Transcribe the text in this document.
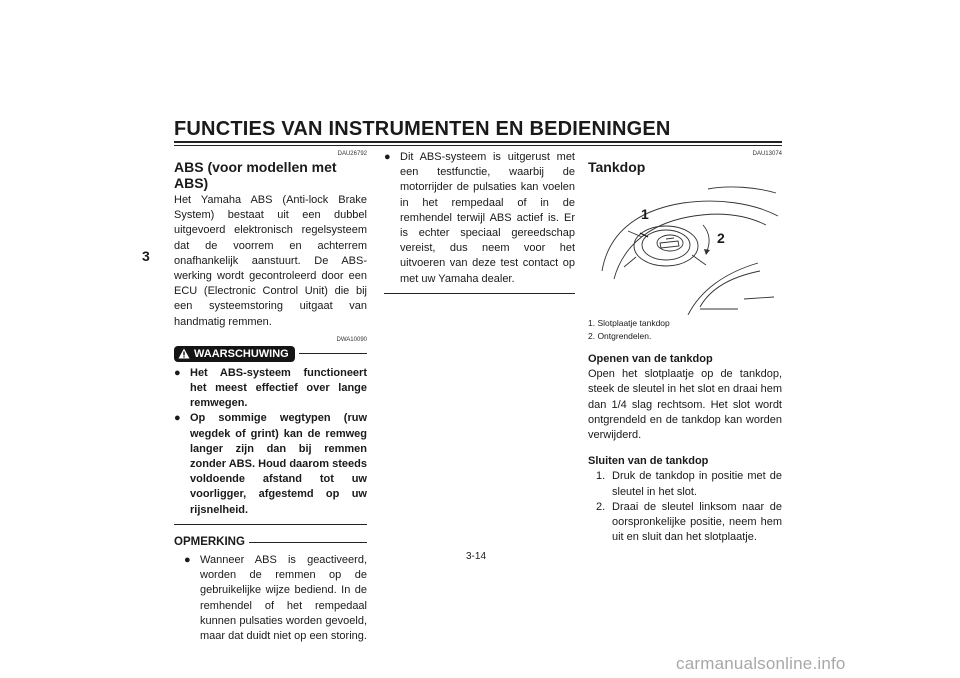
FUNCTIES VAN INSTRUMENTEN EN BEDIENINGEN
3
DAU26792
ABS (voor modellen met ABS)

Het Yamaha ABS (Anti-lock Brake System) bestaat uit een dubbel uitgevoerd elektronisch regelsysteem dat de voorrem en achterrem onafhankelijk aanstuurt. De ABS-werking wordt gecontroleerd door een ECU (Electronic Control Unit) die bij een systeemstoring uitgaat van handmatig remmen.

DWA10090
WAARSCHUWING
● Het ABS-systeem functioneert het meest effectief over lange remwegen.
● Op sommige wegtypen (ruw wegdek of grint) kan de remweg langer zijn dan bij remmen zonder ABS. Houd daarom steeds voldoende afstand tot uw voorligger, afgestemd op uw rijsnelheid.
OPMERKING
● Wanneer ABS is geactiveerd, worden de remmen op de gebruikelijke wijze bediend. In de remhendel of het rempedaal kunnen pulsaties worden gevoeld, maar dat duidt niet op een storing.
● Dit ABS-systeem is uitgerust met een testfunctie, waarbij de motorrijder de pulsaties kan voelen in het rempedaal of in de remhendel terwijl ABS actief is. Er is echter speciaal gereedschap vereist, dus neem voor het uitvoeren van deze test contact op met uw Yamaha dealer.
DAU13074
Tankdop
1
2
1. Slotplaatje tankdop
2. Ontgrendelen.
Openen van de tankdop

Open het slotplaatje op de tankdop, steek de sleutel in het slot en draai hem dan 1/4 slag rechtsom. Het slot wordt ontgrendeld en de tankdop kan worden verwijderd.

Sluiten van de tankdop
1. Druk de tankdop in positie met de sleutel in het slot.
2. Draai de sleutel linksom naar de oorspronkelijke positie, neem hem uit en sluit dan het slotplaatje.
3-14
carmanualsonline.info
